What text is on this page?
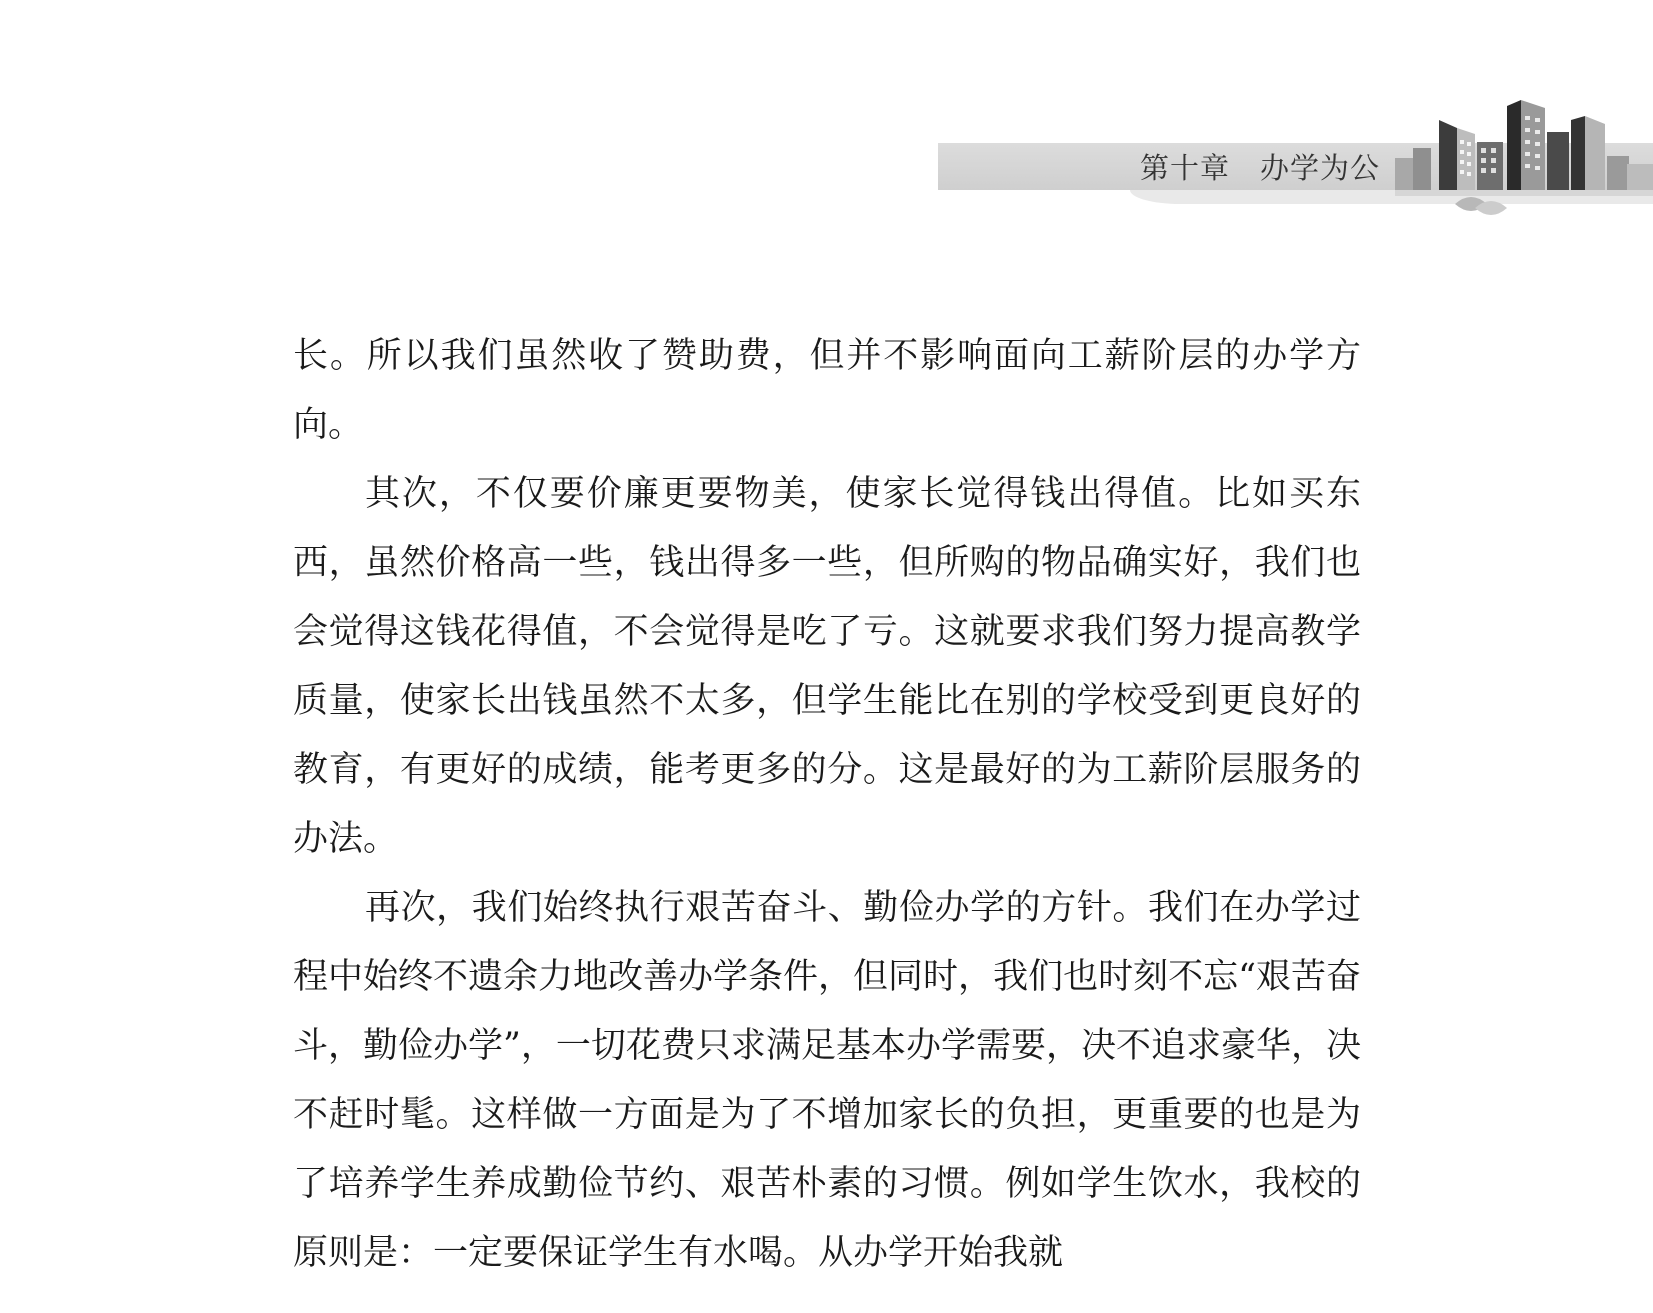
第十章　办学为公

长。所以我们虽然收了赞助费，但并不影响面向工薪阶层的办学方向。

其次，不仅要价廉更要物美，使家长觉得钱出得值。比如买东西，虽然价格高一些，钱出得多一些，但所购的物品确实好，我们也会觉得这钱花得值，不会觉得是吃了亏。这就要求我们努力提高教学质量，使家长出钱虽然不太多，但学生能比在别的学校受到更良好的教育，有更好的成绩，能考更多的分。这是最好的为工薪阶层服务的办法。

再次，我们始终执行艰苦奋斗、勤俭办学的方针。我们在办学过程中始终不遗余力地改善办学条件，但同时，我们也时刻不忘“艰苦奋斗，勤俭办学”，一切花费只求满足基本办学需要，决不追求豪华，决不赶时髦。这样做一方面是为了不增加家长的负担，更重要的也是为了培养学生养成勤俭节约、艰苦朴素的习惯。例如学生饮水，我校的原则是：一定要保证学生有水喝。从办学开始我就
